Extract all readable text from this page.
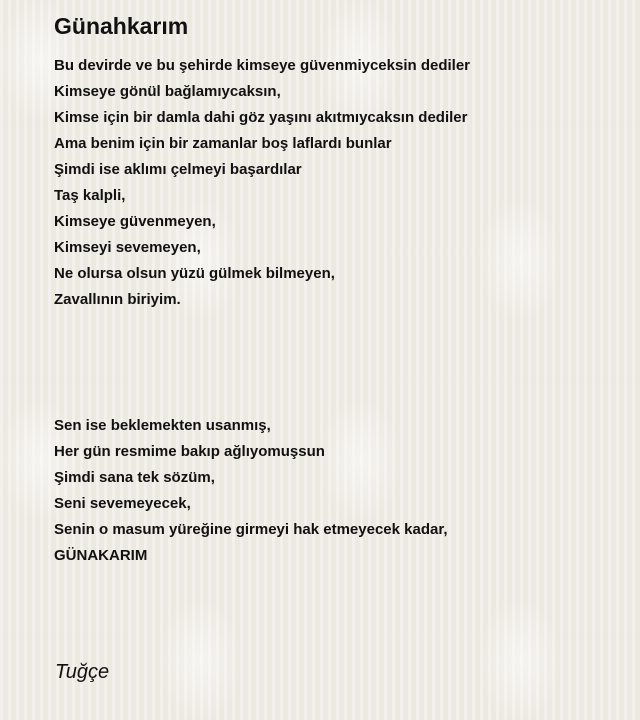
Günahkarım
Bu devirde ve bu şehirde kimseye güvenmiyceksin dediler
Kimseye gönül bağlamıycaksın,
Kimse için bir damla dahi göz yaşını akıtmıycaksın dediler
Ama benim için bir zamanlar boş laflardı bunlar
Şimdi ise aklımı çelmeyi başardılar
Taş kalpli,
Kimseye güvenmeyen,
Kimseyi sevemeyen,
Ne olursa olsun yüzü gülmek bilmeyen,
Zavallının biriyim.
Sen ise beklemekten usanmış,
Her gün resmime bakıp ağlıyomuşsun
Şimdi sana tek sözüm,
Seni sevemeyecek,
Senin o masum yüreğine girmeyi hak etmeyecek kadar,
GÜNAKARIM
Tuğçe
